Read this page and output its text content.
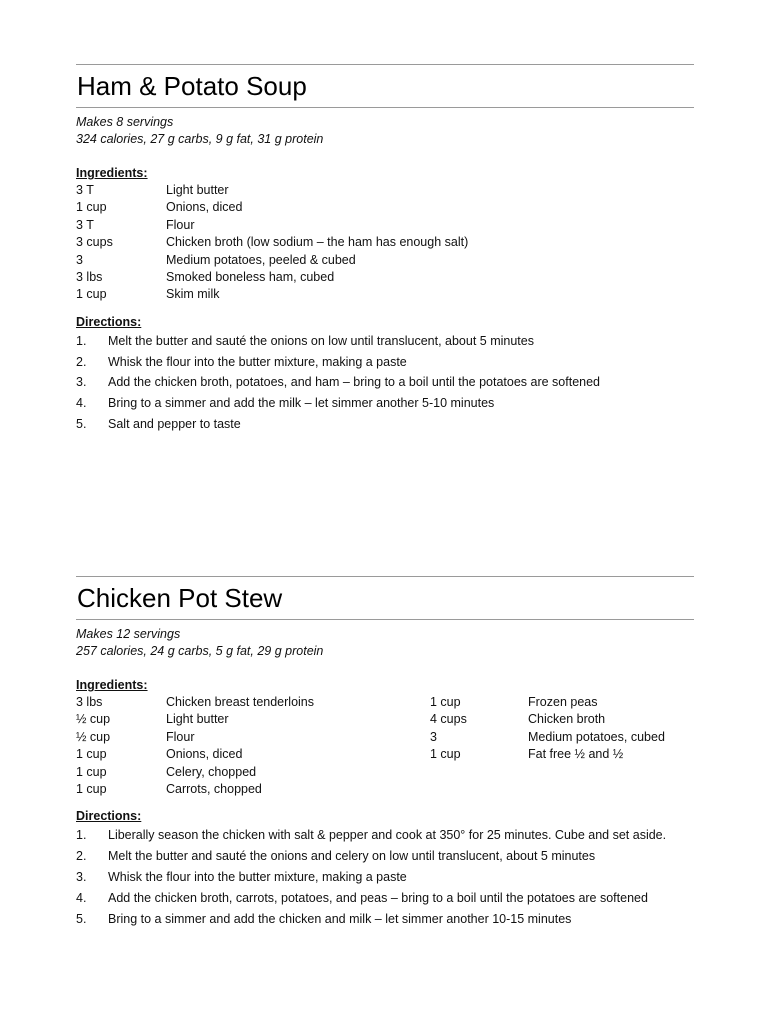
Ham & Potato Soup
Makes 8 servings
324 calories, 27 g carbs, 9 g fat, 31 g protein
Ingredients:
3 T	Light butter
1 cup	Onions, diced
3 T	Flour
3 cups	Chicken broth (low sodium – the ham has enough salt)
3	Medium potatoes, peeled & cubed
3 lbs	Smoked boneless ham, cubed
1 cup	Skim milk
Directions:
1.	Melt the butter and sauté the onions on low until translucent, about 5 minutes
2.	Whisk the flour into the butter mixture, making a paste
3.	Add the chicken broth, potatoes, and ham – bring to a boil until the potatoes are softened
4.	Bring to a simmer and add the milk – let simmer another 5-10 minutes
5.	Salt and pepper to taste
Chicken Pot Stew
Makes 12 servings
257 calories, 24 g carbs, 5 g fat, 29 g protein
Ingredients:
3 lbs	Chicken breast tenderloins	1 cup	Frozen peas
½ cup	Light butter	4 cups	Chicken broth
½ cup	Flour	3	Medium potatoes, cubed
1 cup	Onions, diced	1 cup	Fat free ½ and ½
1 cup	Celery, chopped
1 cup	Carrots, chopped
Directions:
1.	Liberally season the chicken with salt & pepper and cook at 350° for 25 minutes. Cube and set aside.
2.	Melt the butter and sauté the onions and celery on low until translucent, about 5 minutes
3.	Whisk the flour into the butter mixture, making a paste
4.	Add the chicken broth, carrots, potatoes, and peas – bring to a boil until the potatoes are softened
5.	Bring to a simmer and add the chicken and milk – let simmer another 10-15 minutes
